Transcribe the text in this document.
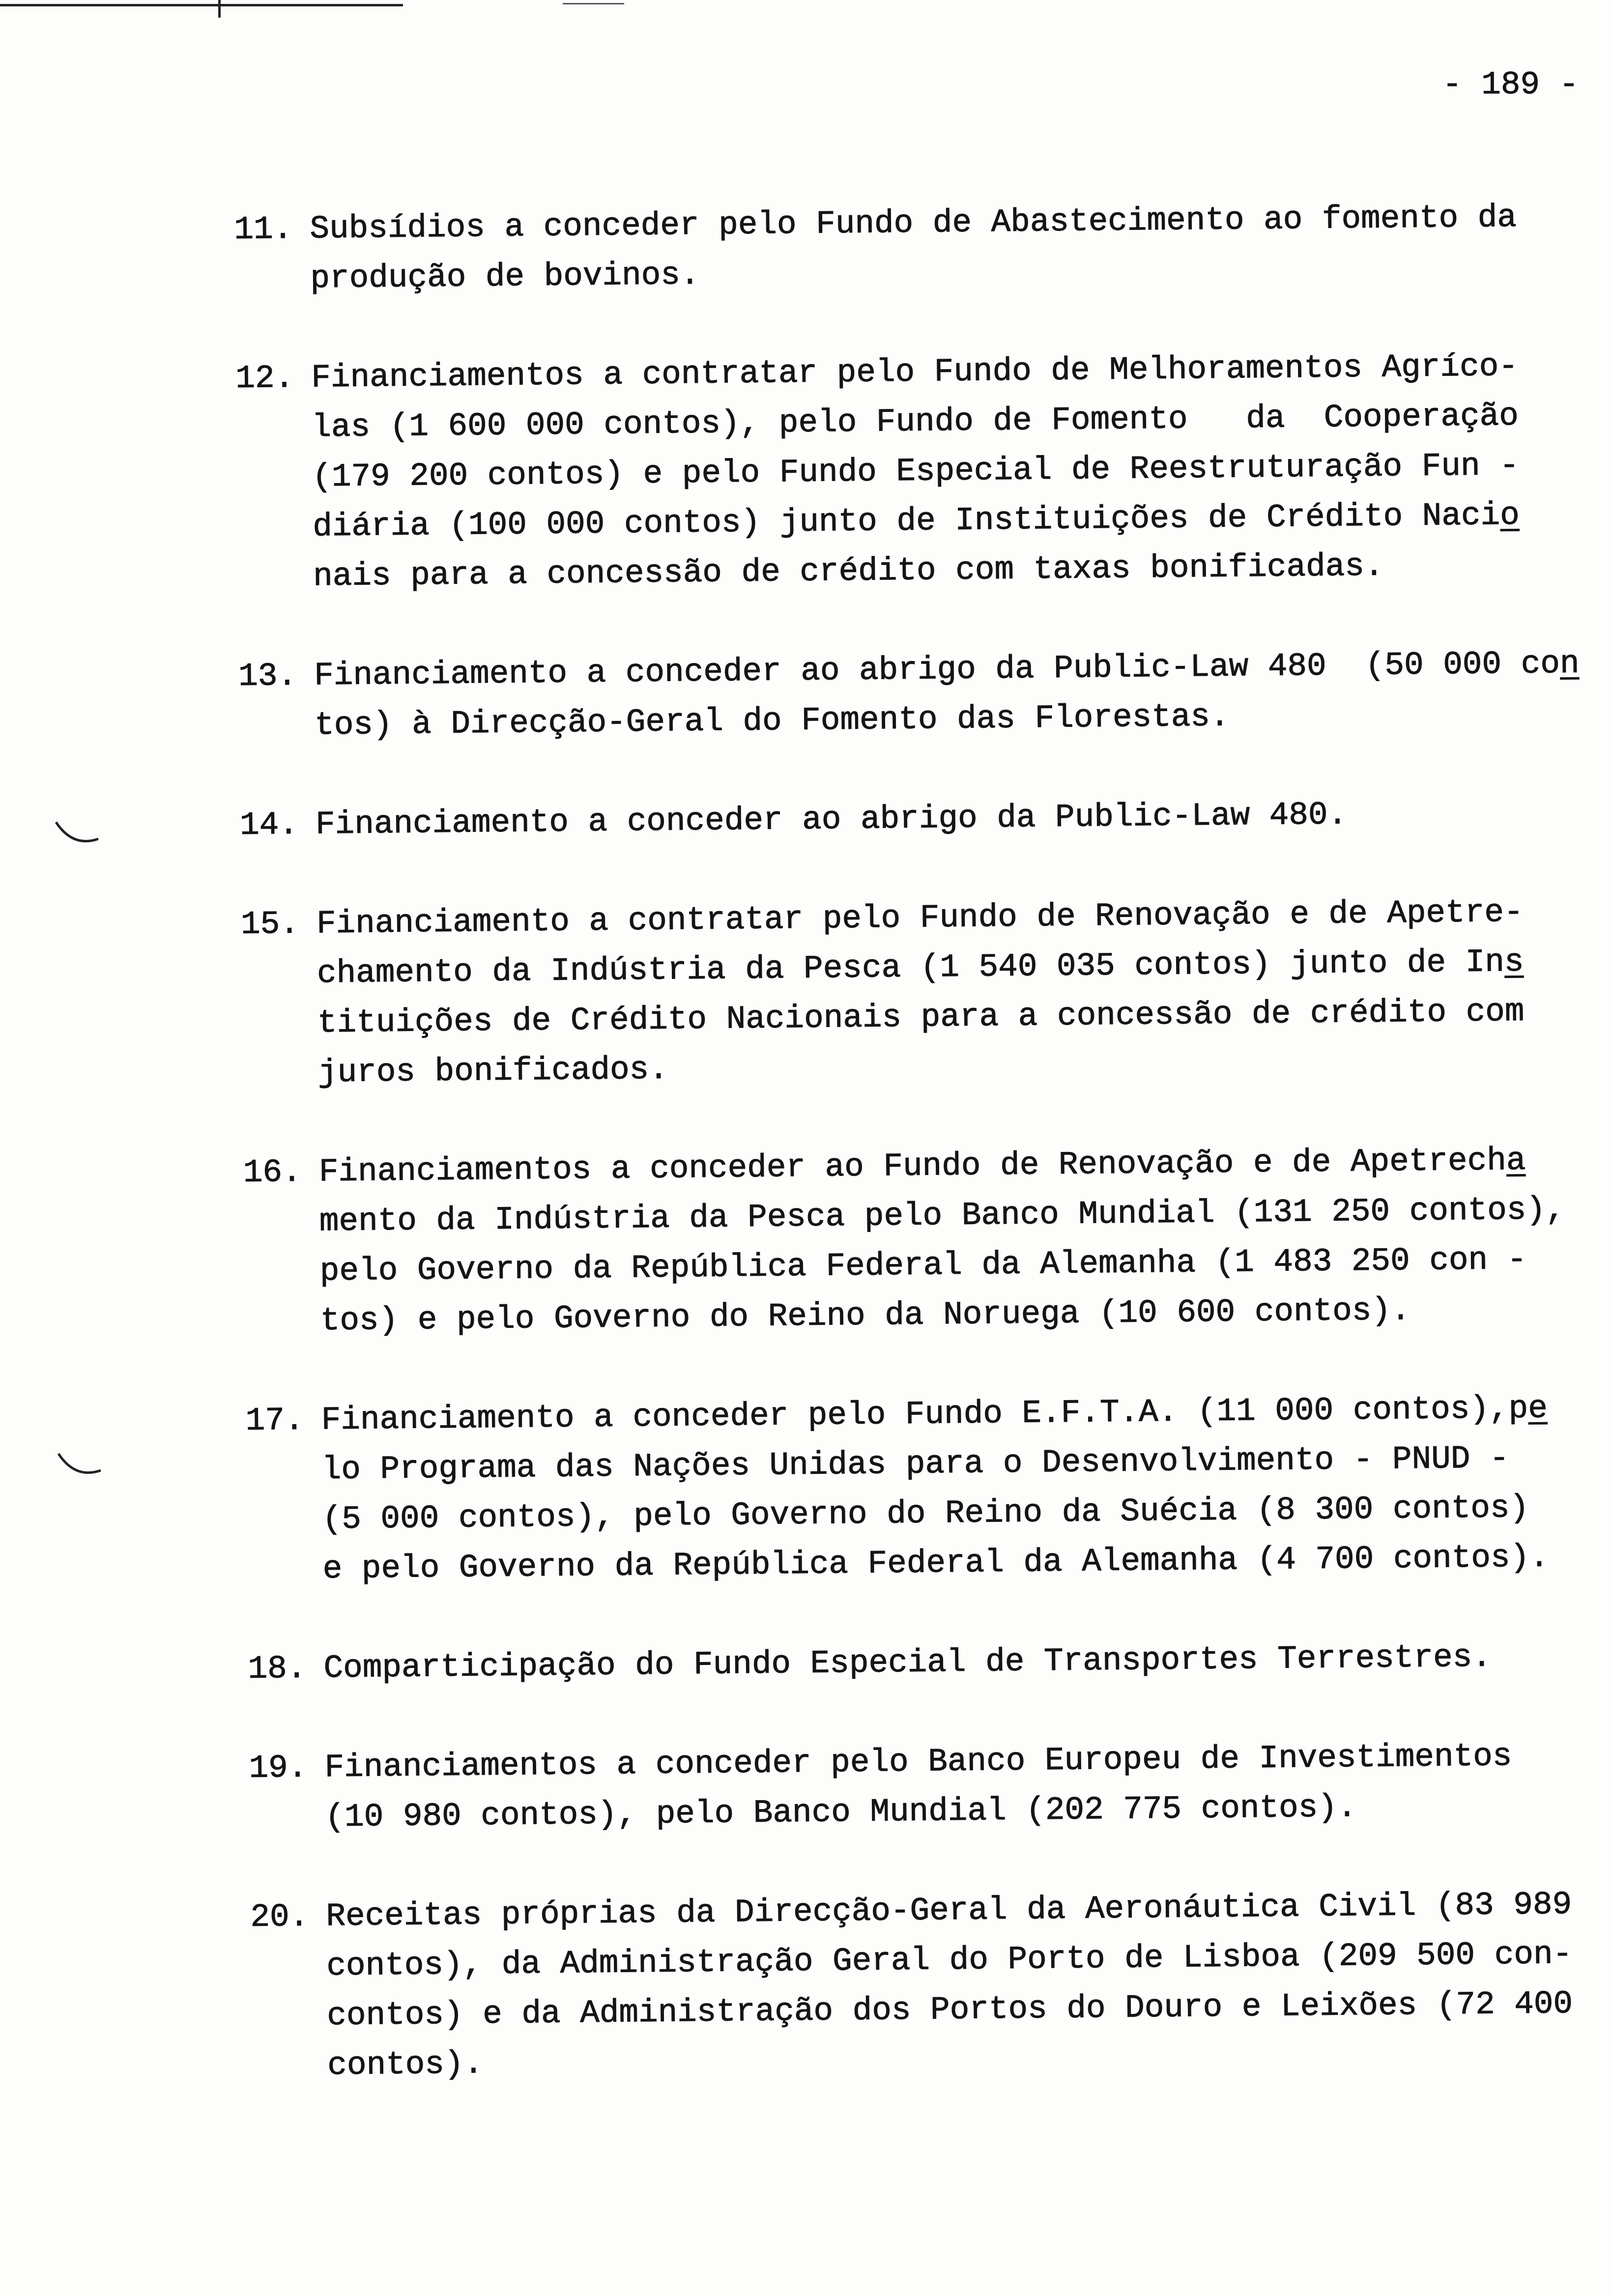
- 189 -
11. Subsídios a conceder pelo Fundo de Abastecimento ao fomento da
produção de bovinos.
12. Financiamentos a contratar pelo Fundo de Melhoramentos Agríco-
las (1 600 000 contos), pelo Fundo de Fomento   da  Cooperação
(179 200 contos) e pelo Fundo Especial de Reestruturação Fun -
diária (100 000 contos) junto de Instituições de Crédito Nacio
nais para a concessão de crédito com taxas bonificadas.
13. Financiamento a conceder ao abrigo da Public-Law 480  (50 000 con
tos) à Direcção-Geral do Fomento das Florestas.
14. Financiamento a conceder ao abrigo da Public-Law 480.
15. Financiamento a contratar pelo Fundo de Renovação e de Apetre-
chamento da Indústria da Pesca (1 540 035 contos) junto de Ins
tituições de Crédito Nacionais para a concessão de crédito com
juros bonificados.
16. Financiamentos a conceder ao Fundo de Renovação e de Apetrecha
mento da Indústria da Pesca pelo Banco Mundial (131 250 contos),
pelo Governo da República Federal da Alemanha (1 483 250 con -
tos) e pelo Governo do Reino da Noruega (10 600 contos).
17. Financiamento a conceder pelo Fundo E.F.T.A. (11 000 contos),pe
lo Programa das Nações Unidas para o Desenvolvimento - PNUD -
(5 000 contos), pelo Governo do Reino da Suécia (8 300 contos)
e pelo Governo da República Federal da Alemanha (4 700 contos).
18. Comparticipação do Fundo Especial de Transportes Terrestres.
19. Financiamentos a conceder pelo Banco Europeu de Investimentos
(10 980 contos), pelo Banco Mundial (202 775 contos).
20. Receitas próprias da Direcção-Geral da Aeronáutica Civil (83 989
contos), da Administração Geral do Porto de Lisboa (209 500 con-
contos) e da Administração dos Portos do Douro e Leixões (72 400
contos).
